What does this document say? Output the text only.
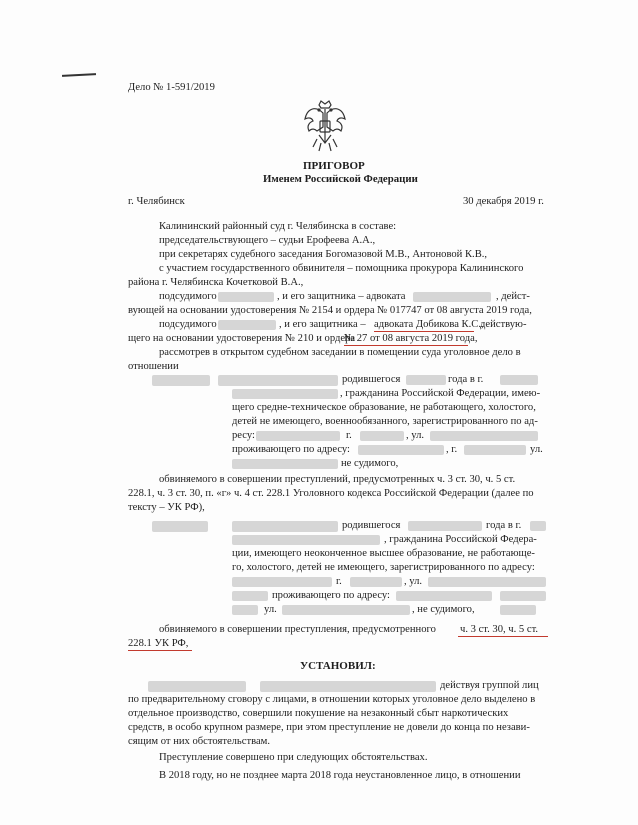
Дело № 1-591/2019
ПРИГОВОР
Именем Российской Федерации
г. Челябинск	30 декабря 2019 г.
Калининский районный суд г. Челябинска в составе:
председательствующего – судьи Ерофеева А.А.,
при секретарях судебного заседания Богомазовой М.В., Антоновой К.В.,
с участием государственного обвинителя – помощника прокурора Калининского
района г. Челябинска Кочетковой В.А.,
подсудимого	, и его защитника – адвоката	, дейст-
вующей на основании удостоверения № 2154 и ордера № 017747 от 08 августа 2019 года,
подсудимого	, и его защитника – адвоката Добикова К.С.,
действую-
щего на основании удостоверения № 210 и ордера
№ 27 от 08 августа 2019 года,
рассмотрев в открытом судебном заседании в помещении суда уголовное дело в
отношении
родившегося	года в г.
, гражданина Российской Федерации, имею-
щего средне-техническое образование, не работающего, холостого,
детей не имеющего, военнообязанного, зарегистрированного по ад-
ресу:	г.	, ул.
проживающего по адресу:	, г.	ул.
не судимого,
обвиняемого в совершении преступлений, предусмотренных ч. 3 ст. 30, ч. 5 ст.
228.1, ч. 3 ст. 30, п. «г» ч. 4 ст. 228.1 Уголовного кодекса Российской Федерации (далее по
тексту – УК РФ),
родившегося	года в г.
, гражданина Российской Федера-
ции, имеющего неоконченное высшее образование, не работающе-
го, холостого, детей не имеющего, зарегистрированного по адресу:
г.	, ул.
проживающего по адресу:
ул.	, не судимого,
обвиняемого в совершении преступления, предусмотренного ч. 3 ст. 30, ч. 5 ст.
228.1 УК РФ,
УСТАНОВИЛ:
действуя группой лиц
по предварительному сговору с лицами, в отношении которых уголовное дело выделено в
отдельное производство, совершили покушение на незаконный сбыт наркотических
средств, в особо крупном размере, при этом преступление не довели до конца по незави-
сящим от них обстоятельствам.
Преступление совершено при следующих обстоятельствах.
В 2018 году, но не позднее марта 2018 года неустановленное лицо, в отношении
